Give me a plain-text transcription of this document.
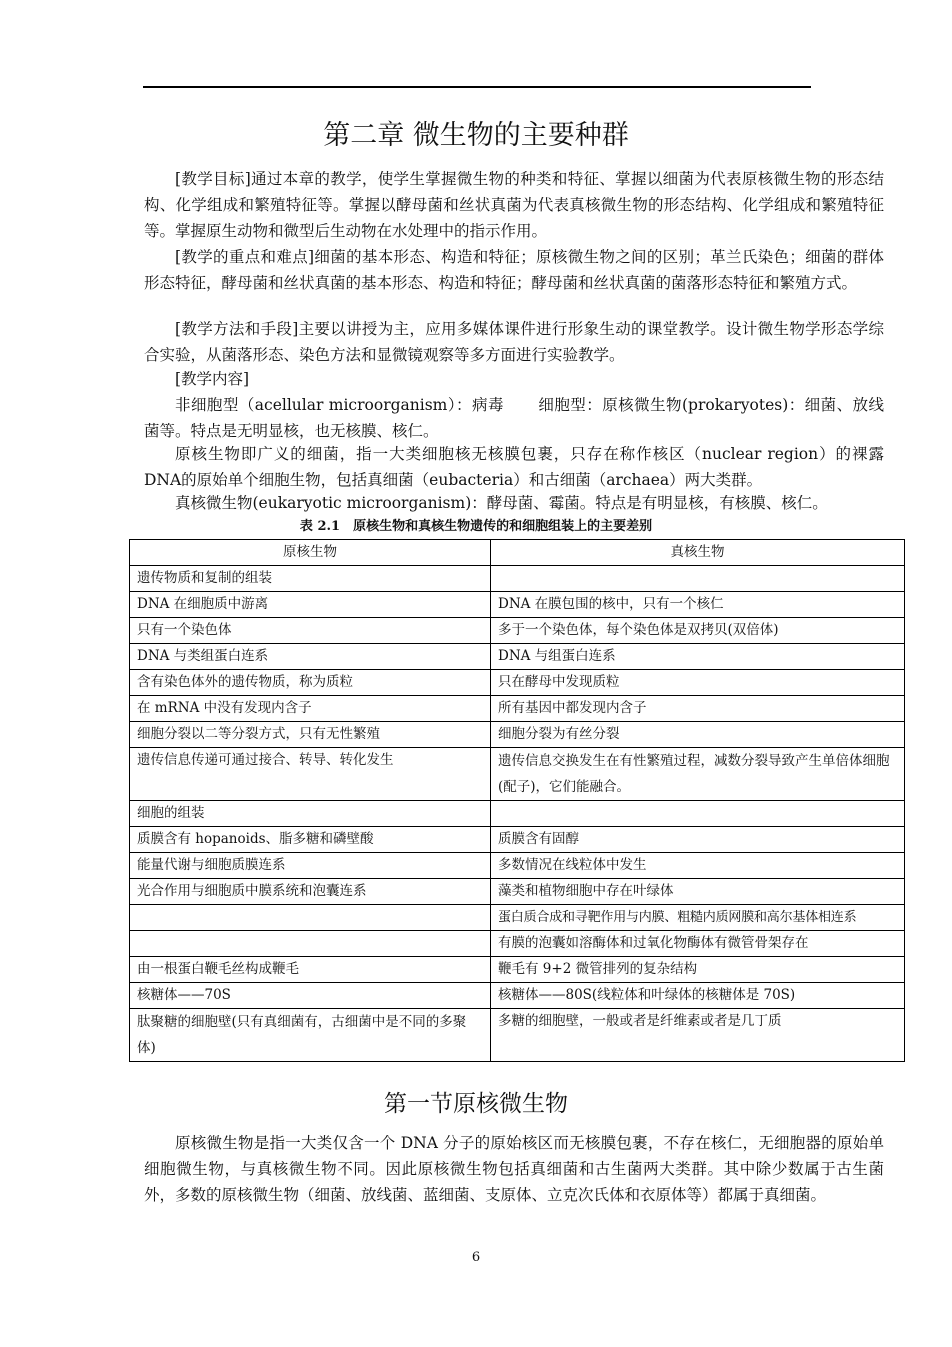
第二章 微生物的主要种群

[教学目标]通过本章的教学，使学生掌握微生物的种类和特征、掌握以细菌为代表原核微生物的形态结构、化学组成和繁殖特征等。掌握以酵母菌和丝状真菌为代表真核微生物的形态结构、化学组成和繁殖特征等。掌握原生动物和微型后生动物在水处理中的指示作用。

[教学的重点和难点]细菌的基本形态、构造和特征；原核微生物之间的区别；革兰氏染色；细菌的群体形态特征，酵母菌和丝状真菌的基本形态、构造和特征；酵母菌和丝状真菌的菌落形态特征和繁殖方式。

[教学方法和手段]主要以讲授为主，应用多媒体课件进行形象生动的课堂教学。设计微生物学形态学综合实验，从菌落形态、染色方法和显微镜观察等多方面进行实验教学。

[教学内容]

非细胞型（acellular microorganism）：病毒 细胞型：原核微生物(prokaryotes)：细菌、放线菌等。特点是无明显核，也无核膜、核仁。

原核生物即广义的细菌，指一大类细胞核无核膜包裹，只存在称作核区（nuclear region）的裸露DNA的原始单个细胞生物，包括真细菌（eubacteria）和古细菌（archaea）两大类群。

真核微生物(eukaryotic microorganism)：酵母菌、霉菌。特点是有明显核，有核膜、核仁。

表 2.1　原核生物和真核生物遗传的和细胞组装上的主要差别
原核生物	真核生物
遗传物质和复制的组装	
DNA 在细胞质中游离	DNA 在膜包围的核中，只有一个核仁
只有一个染色体	多于一个染色体，每个染色体是双拷贝(双倍体)
DNA 与类组蛋白连系	DNA 与组蛋白连系
含有染色体外的遗传物质，称为质粒	只在酵母中发现质粒
在 mRNA 中没有发现内含子	所有基因中都发现内含子
细胞分裂以二等分裂方式，只有无性繁殖	细胞分裂为有丝分裂
遗传信息传递可通过接合、转导、转化发生	遗传信息交换发生在有性繁殖过程，减数分裂导致产生单倍体细胞(配子)，它们能融合。
细胞的组装	
质膜含有 hopanoids、脂多糖和磷壁酸	质膜含有固醇
能量代谢与细胞质膜连系	多数情况在线粒体中发生
光合作用与细胞质中膜系统和泡囊连系	藻类和植物细胞中存在叶绿体
	蛋白质合成和寻靶作用与内膜、粗糙内质网膜和高尔基体相连系
	有膜的泡囊如溶酶体和过氧化物酶体有微管骨架存在
由一根蛋白鞭毛丝构成鞭毛	鞭毛有 9+2 微管排列的复杂结构
核糖体——70S	核糖体——80S(线粒体和叶绿体的核糖体是 70S)
肽聚糖的细胞壁(只有真细菌有，古细菌中是不同的多聚体)	多糖的细胞壁，一般或者是纤维素或者是几丁质
第一节原核微生物

原核微生物是指一大类仅含一个 DNA 分子的原始核区而无核膜包裹，不存在核仁，无细胞器的原始单细胞微生物，与真核微生物不同。因此原核微生物包括真细菌和古生菌两大类群。其中除少数属于古生菌外，多数的原核微生物（细菌、放线菌、蓝细菌、支原体、立克次氏体和衣原体等）都属于真细菌。

6
